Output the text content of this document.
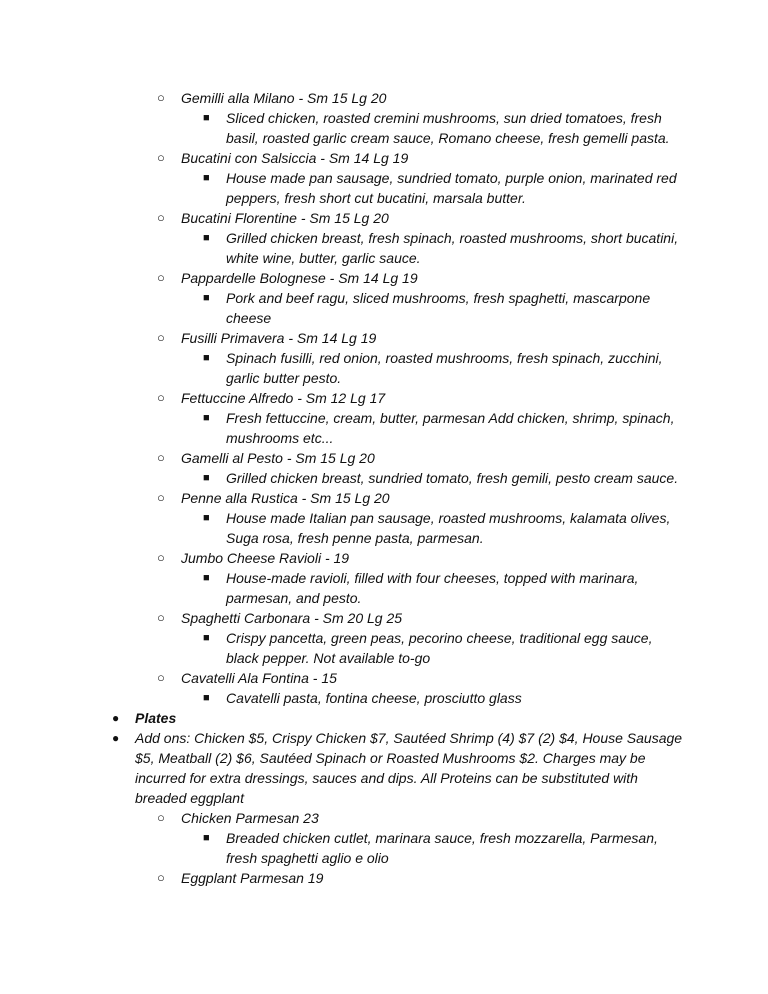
○ Gemilli alla Milano - Sm 15 Lg 20
■ Sliced chicken, roasted cremini mushrooms, sun dried tomatoes, fresh
basil, roasted garlic cream sauce, Romano cheese, fresh gemelli pasta.
○ Bucatini con Salsiccia - Sm 14 Lg 19
■ House made pan sausage, sundried tomato, purple onion, marinated red
peppers, fresh short cut bucatini, marsala butter.
○ Bucatini Florentine - Sm 15 Lg 20
■ Grilled chicken breast, fresh spinach, roasted mushrooms, short bucatini,
white wine, butter, garlic sauce.
○ Pappardelle Bolognese - Sm 14 Lg 19
■ Pork and beef ragu, sliced mushrooms, fresh spaghetti, mascarpone
cheese
○ Fusilli Primavera - Sm 14 Lg 19
■ Spinach fusilli, red onion, roasted mushrooms, fresh spinach, zucchini,
garlic butter pesto.
○ Fettuccine Alfredo - Sm 12 Lg 17
■ Fresh fettuccine, cream, butter, parmesan Add chicken, shrimp, spinach,
mushrooms etc...
○ Gamelli al Pesto - Sm 15 Lg 20
■ Grilled chicken breast, sundried tomato, fresh gemili, pesto cream sauce.
○ Penne alla Rustica - Sm 15 Lg 20
■ House made Italian pan sausage, roasted mushrooms, kalamata olives,
Suga rosa, fresh penne pasta, parmesan.
○ Jumbo Cheese Ravioli - 19
■ House-made ravioli, filled with four cheeses, topped with marinara,
parmesan, and pesto.
○ Spaghetti Carbonara - Sm 20 Lg 25
■ Crispy pancetta, green peas, pecorino cheese, traditional egg sauce,
black pepper. Not available to-go
○ Cavatelli Ala Fontina - 15
■ Cavatelli pasta, fontina cheese, prosciutto glass
● Plates
● Add ons: Chicken $5, Crispy Chicken $7, Sautéed Shrimp (4) $7 (2) $4, House Sausage
$5, Meatball (2) $6, Sautéed Spinach or Roasted Mushrooms $2. Charges may be
incurred for extra dressings, sauces and dips. All Proteins can be substituted with
breaded eggplant
○ Chicken Parmesan 23
■ Breaded chicken cutlet, marinara sauce, fresh mozzarella, Parmesan,
fresh spaghetti aglio e olio
○ Eggplant Parmesan 19
